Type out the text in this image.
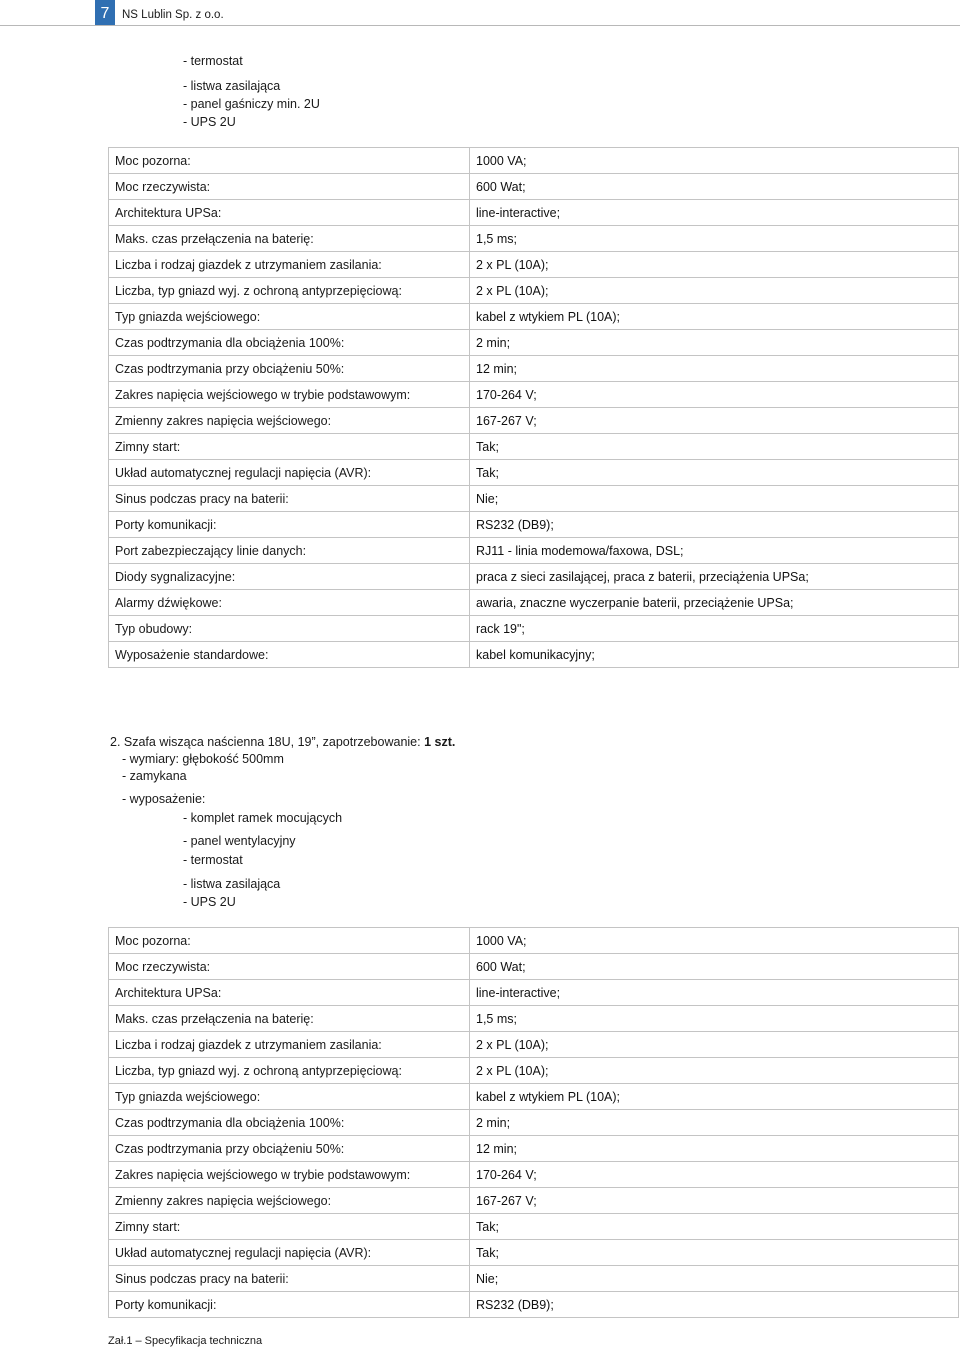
7	NS Lublin Sp. z o.o.
- termostat
- listwa zasilająca
- panel gaśniczy min. 2U
- UPS 2U
Moc pozorna:	1000 VA;
Moc rzeczywista:	600 Wat;
Architektura UPSa:	line-interactive;
Maks. czas przełączenia na baterię:	1,5 ms;
Liczba i rodzaj giazdek z utrzymaniem zasilania:	2 x PL (10A);
Liczba, typ gniazd wyj. z ochroną antyprzepięciową:	2 x PL (10A);
Typ gniazda wejściowego:	kabel z wtykiem PL (10A);
Czas podtrzymania dla obciążenia 100%:	2 min;
Czas podtrzymania przy obciążeniu 50%:	12 min;
Zakres napięcia wejściowego w trybie podstawowym:	170-264 V;
Zmienny zakres napięcia wejściowego:	167-267 V;
Zimny start:	Tak;
Układ automatycznej regulacji napięcia (AVR):	Tak;
Sinus podczas pracy na baterii:	Nie;
Porty komunikacji:	RS232 (DB9);
Port zabezpieczający linie danych:	RJ11 - linia modemowa/faxowa, DSL;
Diody sygnalizacyjne:	praca z sieci zasilającej, praca z baterii, przeciążenia UPSa;
Alarmy dźwiękowe:	awaria, znaczne wyczerpanie baterii, przeciążenie UPSa;
Typ obudowy:	rack 19";
Wyposażenie standardowe:	kabel komunikacyjny;
2. Szafa wisząca naścienna 18U, 19”, zapotrzebowanie: 1 szt.
- wymiary: głębokość 500mm
- zamykana
- wyposażenie:
- komplet ramek mocujących
- panel wentylacyjny
- termostat
- listwa zasilająca
- UPS 2U
Moc pozorna:	1000 VA;
Moc rzeczywista:	600 Wat;
Architektura UPSa:	line-interactive;
Maks. czas przełączenia na baterię:	1,5 ms;
Liczba i rodzaj giazdek z utrzymaniem zasilania:	2 x PL (10A);
Liczba, typ gniazd wyj. z ochroną antyprzepięciową:	2 x PL (10A);
Typ gniazda wejściowego:	kabel z wtykiem PL (10A);
Czas podtrzymania dla obciążenia 100%:	2 min;
Czas podtrzymania przy obciążeniu 50%:	12 min;
Zakres napięcia wejściowego w trybie podstawowym:	170-264 V;
Zmienny zakres napięcia wejściowego:	167-267 V;
Zimny start:	Tak;
Układ automatycznej regulacji napięcia (AVR):	Tak;
Sinus podczas pracy na baterii:	Nie;
Porty komunikacji:	RS232 (DB9);
Zał.1 – Specyfikacja techniczna
